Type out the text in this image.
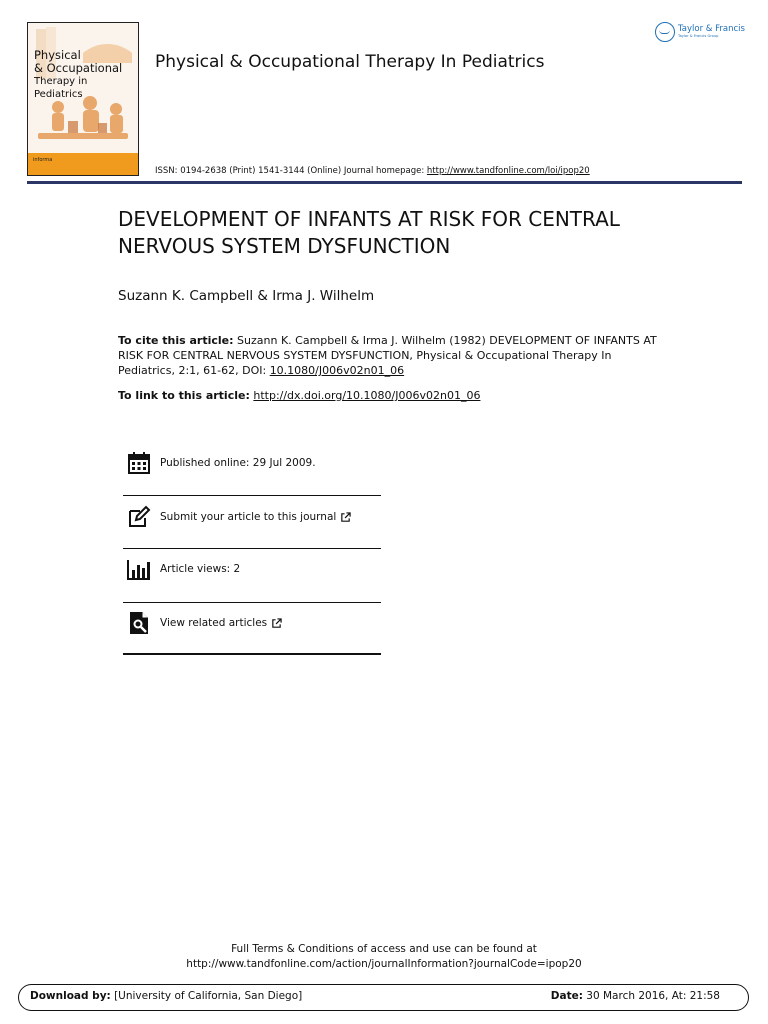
Physical
& Occupational
Therapy in Pediatrics
informa
Physical & Occupational Therapy In Pediatrics
Taylor & Francis
Taylor & Francis Group
ISSN: 0194-2638 (Print) 1541-3144 (Online) Journal homepage: http://www.tandfonline.com/loi/ipop20
DEVELOPMENT OF INFANTS AT RISK FOR CENTRAL
NERVOUS SYSTEM DYSFUNCTION
Suzann K. Campbell & Irma J. Wilhelm
To cite this article: Suzann K. Campbell & Irma J. Wilhelm (1982) DEVELOPMENT OF INFANTS AT RISK FOR CENTRAL NERVOUS SYSTEM DYSFUNCTION, Physical & Occupational Therapy In Pediatrics, 2:1, 61-62, DOI: 10.1080/J006v02n01_06
To link to this article: http://dx.doi.org/10.1080/J006v02n01_06
Published online: 29 Jul 2009.
Submit your article to this journal
Article views: 2
View related articles
Full Terms & Conditions of access and use can be found at
http://www.tandfonline.com/action/journalInformation?journalCode=ipop20
Download by: [University of California, San Diego]	Date: 30 March 2016, At: 21:58
